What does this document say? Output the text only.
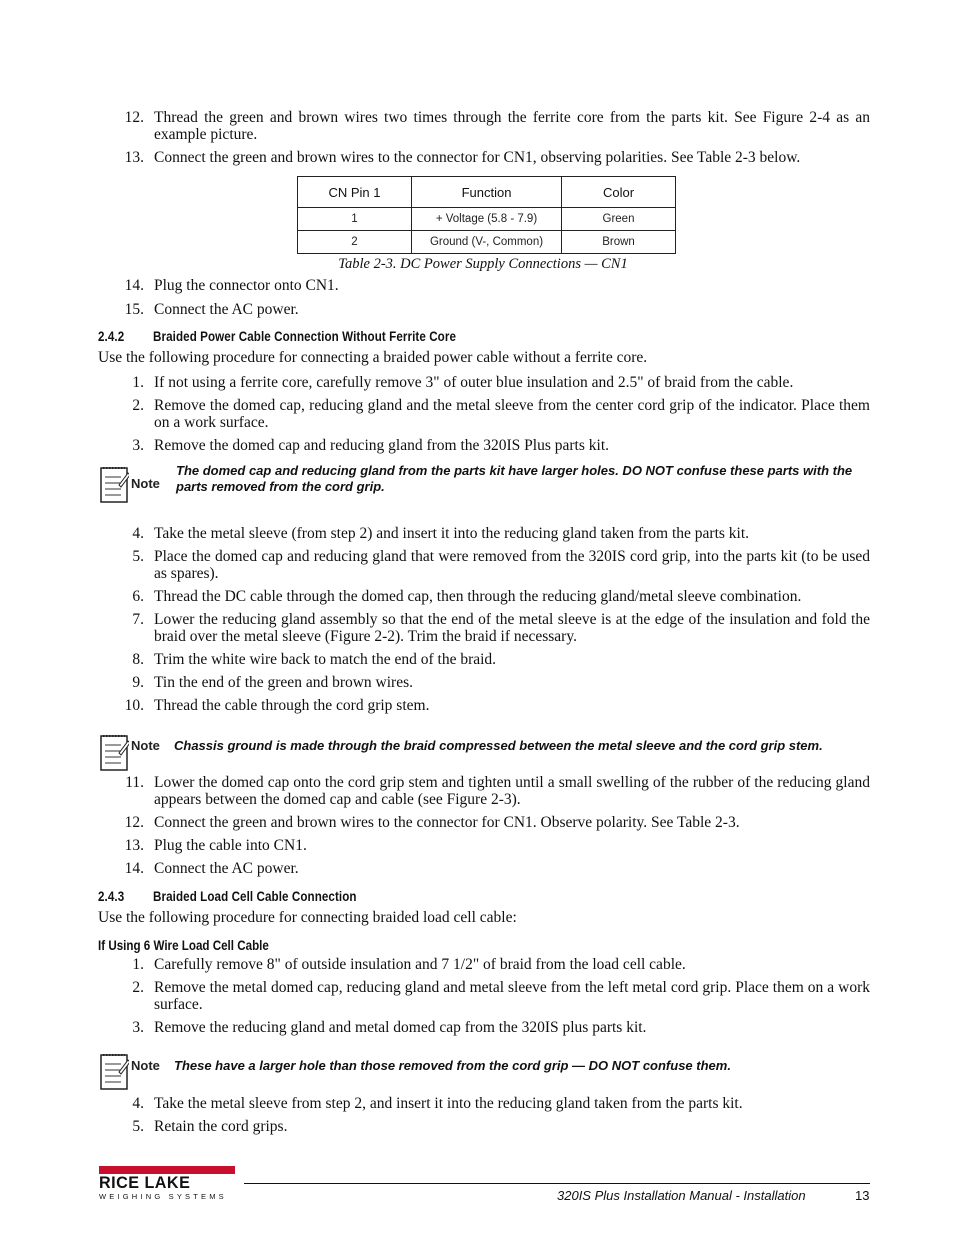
12. Thread the green and brown wires two times through the ferrite core from the parts kit. See Figure 2-4 as an example picture.
13. Connect the green and brown wires to the connector for CN1, observing polarities. See Table 2-3 below.
CN Pin 1	Function	Color
1	+ Voltage (5.8 - 7.9)	Green
2	Ground (V-, Common)	Brown
Table 2-3. DC Power Supply Connections — CN1
14. Plug the connector onto CN1.
15. Connect the AC power.
2.4.2 Braided Power Cable Connection Without Ferrite Core
Use the following procedure for connecting a braided power cable without a ferrite core.
1. If not using a ferrite core, carefully remove 3" of outer blue insulation and 2.5" of braid from the cable.
2. Remove the domed cap, reducing gland and the metal sleeve from the center cord grip of the indicator. Place them on a work surface.
3. Remove the domed cap and reducing gland from the 320IS Plus parts kit.
Note
The domed cap and reducing gland from the parts kit have larger holes. DO NOT confuse these parts with the parts removed from the cord grip.
4. Take the metal sleeve (from step 2) and insert it into the reducing gland taken from the parts kit.
5. Place the domed cap and reducing gland that were removed from the 320IS cord grip, into the parts kit (to be used as spares).
6. Thread the DC cable through the domed cap, then through the reducing gland/metal sleeve combination.
7. Lower the reducing gland assembly so that the end of the metal sleeve is at the edge of the insulation and fold the braid over the metal sleeve (Figure 2-2). Trim the braid if necessary.
8. Trim the white wire back to match the end of the braid.
9. Tin the end of the green and brown wires.
10. Thread the cable through the cord grip stem.
Note	Chassis ground is made through the braid compressed between the metal sleeve and the cord grip stem.
11. Lower the domed cap onto the cord grip stem and tighten until a small swelling of the rubber of the reducing gland appears between the domed cap and cable (see Figure 2-3).
12. Connect the green and brown wires to the connector for CN1. Observe polarity. See Table 2-3.
13. Plug the cable into CN1.
14. Connect the AC power.
2.4.3 Braided Load Cell Cable Connection
Use the following procedure for connecting braided load cell cable:
If Using 6 Wire Load Cell Cable
1. Carefully remove 8" of outside insulation and 7 1/2" of braid from the load cell cable.
2. Remove the metal domed cap, reducing gland and metal sleeve from the left metal cord grip. Place them on a work surface.
3. Remove the reducing gland and metal domed cap from the 320IS plus parts kit.
Note	These have a larger hole than those removed from the cord grip — DO NOT confuse them.
4. Take the metal sleeve from step 2, and insert it into the reducing gland taken from the parts kit.
5. Retain the cord grips.
RICE LAKE
WEIGHING SYSTEMS	320IS Plus Installation Manual - Installation	13
